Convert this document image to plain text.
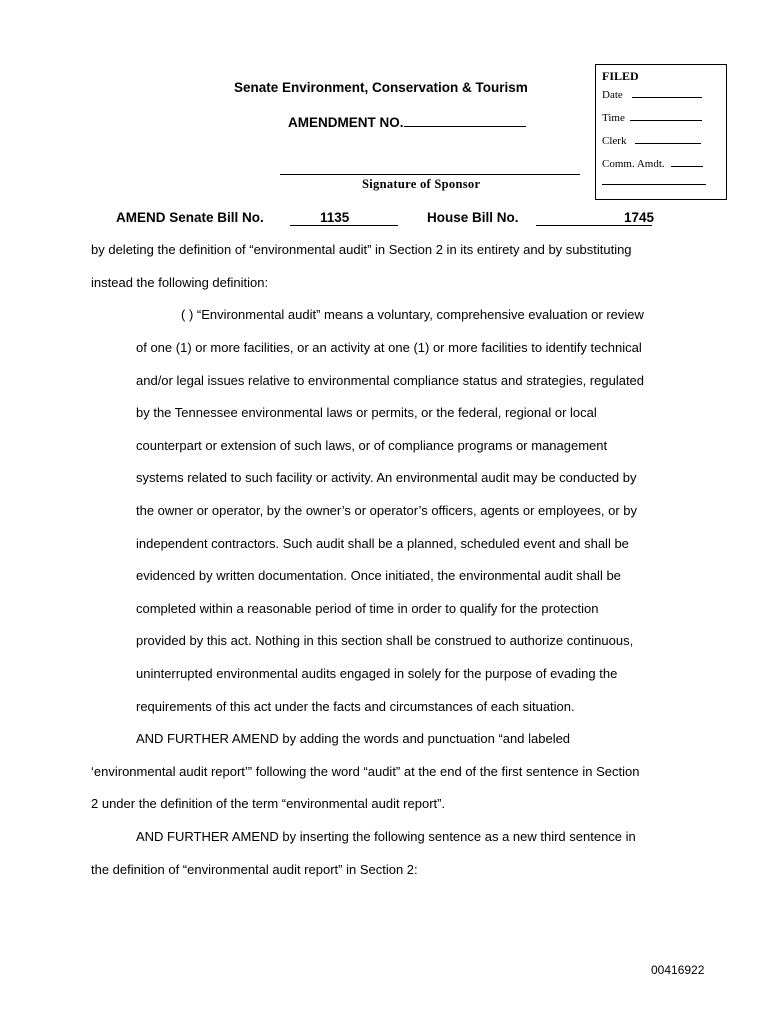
Senate Environment, Conservation & Tourism
AMENDMENT NO.
FILED
Date
Time
Clerk
Comm. Amdt.
Signature of Sponsor
AMEND Senate Bill No.	1135	House Bill No.	1745
by deleting the definition of “environmental audit” in Section 2 in its entirety and by substituting
instead the following definition:
( ) “Environmental audit” means a voluntary, comprehensive evaluation or review
of one (1) or more facilities, or an activity at one (1) or more facilities to identify technical
and/or legal issues relative to environmental compliance status and strategies, regulated
by the Tennessee environmental laws or permits, or the federal, regional or local
counterpart or extension of such laws, or of compliance programs or management
systems related to such facility or activity. An environmental audit may be conducted by
the owner or operator, by the owner’s or operator’s officers, agents or employees, or by
independent contractors. Such audit shall be a planned, scheduled event and shall be
evidenced by written documentation. Once initiated, the environmental audit shall be
completed within a reasonable period of time in order to qualify for the protection
provided by this act. Nothing in this section shall be construed to authorize continuous,
uninterrupted environmental audits engaged in solely for the purpose of evading the
requirements of this act under the facts and circumstances of each situation.
AND FURTHER AMEND by adding the words and punctuation “and labeled
‘environmental audit report’” following the word “audit” at the end of the first sentence in Section
2 under the definition of the term “environmental audit report”.
AND FURTHER AMEND by inserting the following sentence as a new third sentence in
the definition of “environmental audit report” in Section 2:
00416922
